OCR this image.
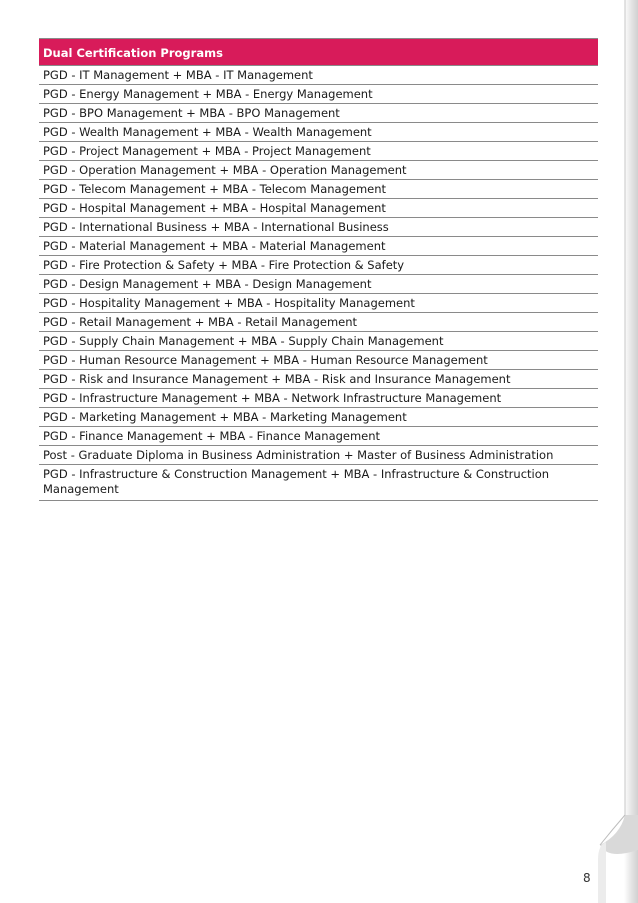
Dual Certification Programs
PGD - IT Management + MBA - IT Management
PGD - Energy Management + MBA - Energy Management
PGD - BPO Management + MBA - BPO Management
PGD - Wealth Management + MBA - Wealth Management
PGD - Project Management + MBA - Project Management
PGD - Operation Management + MBA - Operation Management
PGD - Telecom Management + MBA - Telecom Management
PGD - Hospital Management + MBA - Hospital Management
PGD - International Business + MBA - International Business
PGD - Material Management + MBA - Material Management
PGD - Fire Protection & Safety + MBA - Fire Protection & Safety
PGD - Design Management + MBA - Design Management
PGD - Hospitality Management + MBA - Hospitality Management
PGD - Retail Management + MBA - Retail Management
PGD - Supply Chain Management + MBA - Supply Chain Management
PGD - Human Resource Management + MBA - Human Resource Management
PGD - Risk and Insurance Management + MBA - Risk and Insurance Management
PGD - Infrastructure Management + MBA - Network Infrastructure Management
PGD - Marketing Management + MBA - Marketing Management
PGD - Finance Management + MBA - Finance Management
Post - Graduate Diploma in Business Administration + Master of Business Administration
PGD - Infrastructure & Construction Management + MBA - Infrastructure & Construction Management
8
